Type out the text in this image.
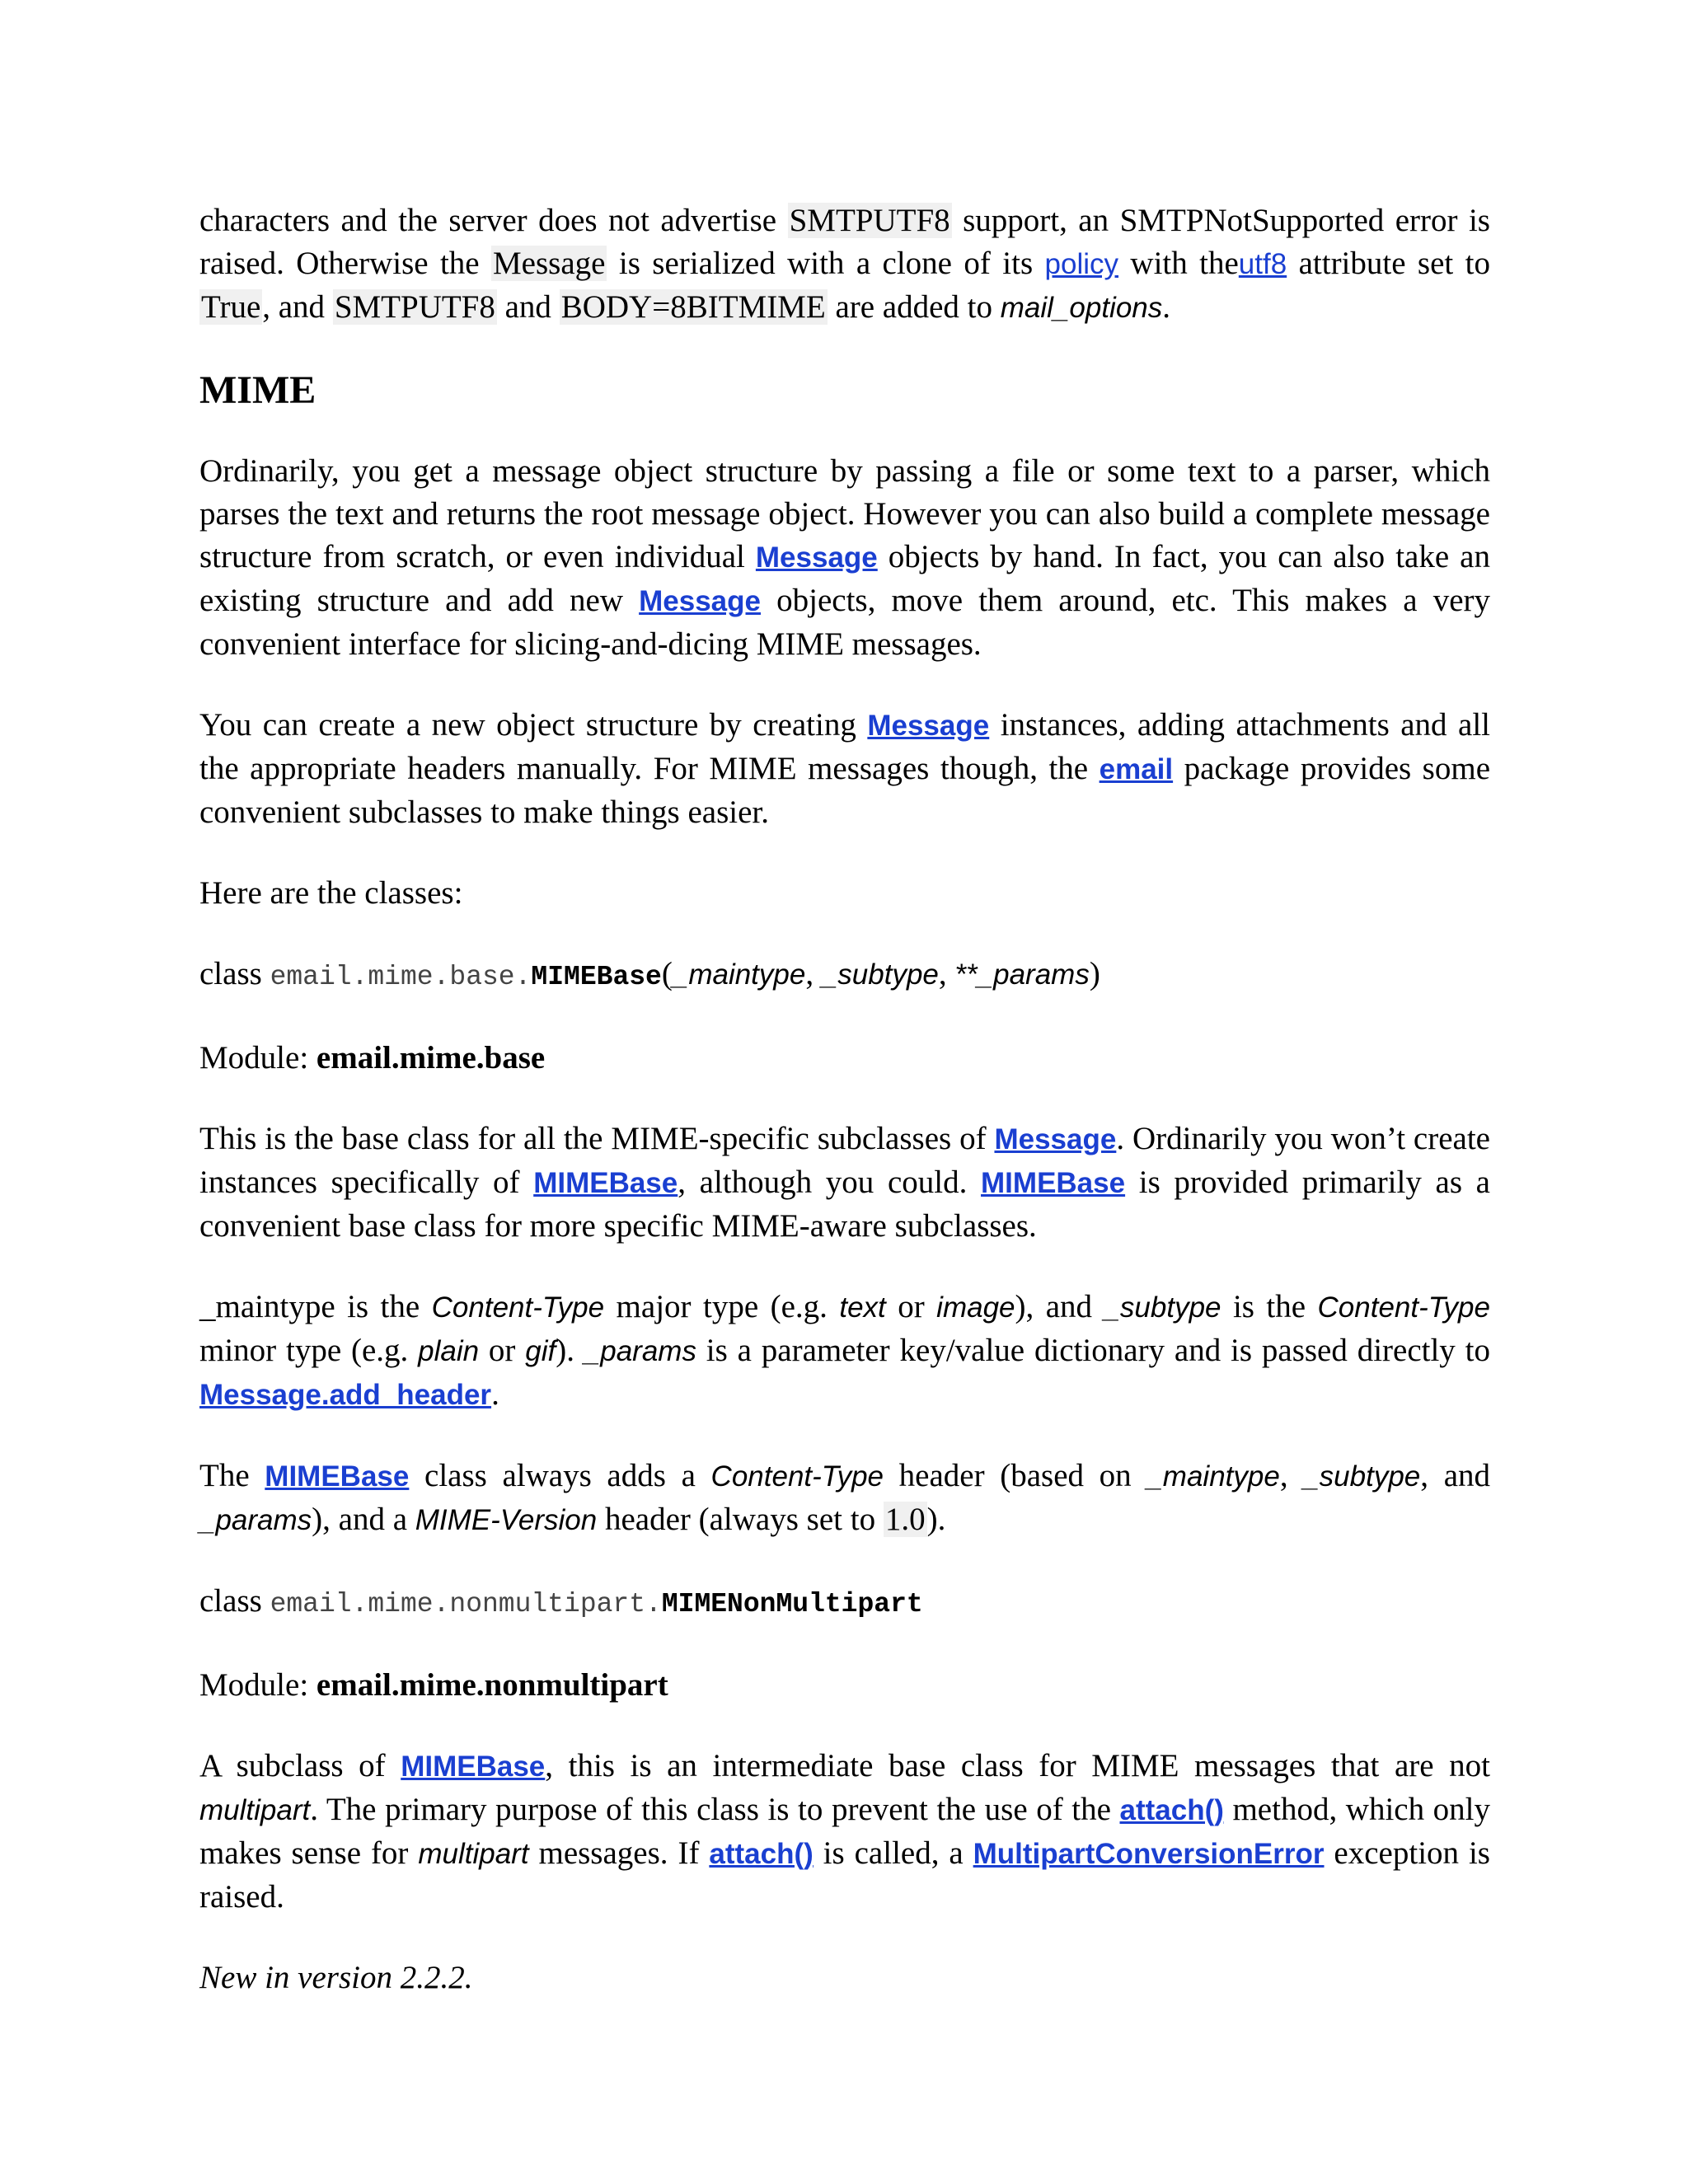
characters and the server does not advertise SMTPUTF8 support, an SMTPNotSupported error is raised. Otherwise the Message is serialized with a clone of its policy with theutf8 attribute set to True, and SMTPUTF8 and BODY=8BITMIME are added to mail_options.

MIME

Ordinarily, you get a message object structure by passing a file or some text to a parser, which parses the text and returns the root message object. However you can also build a complete message structure from scratch, or even individual Message objects by hand. In fact, you can also take an existing structure and add new Message objects, move them around, etc. This makes a very convenient interface for slicing-and-dicing MIME messages.

You can create a new object structure by creating Message instances, adding attachments and all the appropriate headers manually. For MIME messages though, the email package provides some convenient subclasses to make things easier.

Here are the classes:

class email.mime.base.MIMEBase(_maintype, _subtype, **_params)

Module: email.mime.base

This is the base class for all the MIME-specific subclasses of Message. Ordinarily you won’t create instances specifically of MIMEBase, although you could. MIMEBase is provided primarily as a convenient base class for more specific MIME-aware subclasses.

_maintype is the Content-Type major type (e.g. text or image), and _subtype is the Content-Type minor type (e.g. plain or gif). _params is a parameter key/value dictionary and is passed directly to Message.add_header.

The MIMEBase class always adds a Content-Type header (based on _maintype, _subtype, and _params), and a MIME-Version header (always set to 1.0).

class email.mime.nonmultipart.MIMENonMultipart

Module: email.mime.nonmultipart

A subclass of MIMEBase, this is an intermediate base class for MIME messages that are not multipart. The primary purpose of this class is to prevent the use of the attach() method, which only makes sense for multipart messages. If attach() is called, a MultipartConversionError exception is raised.

New in version 2.2.2.
